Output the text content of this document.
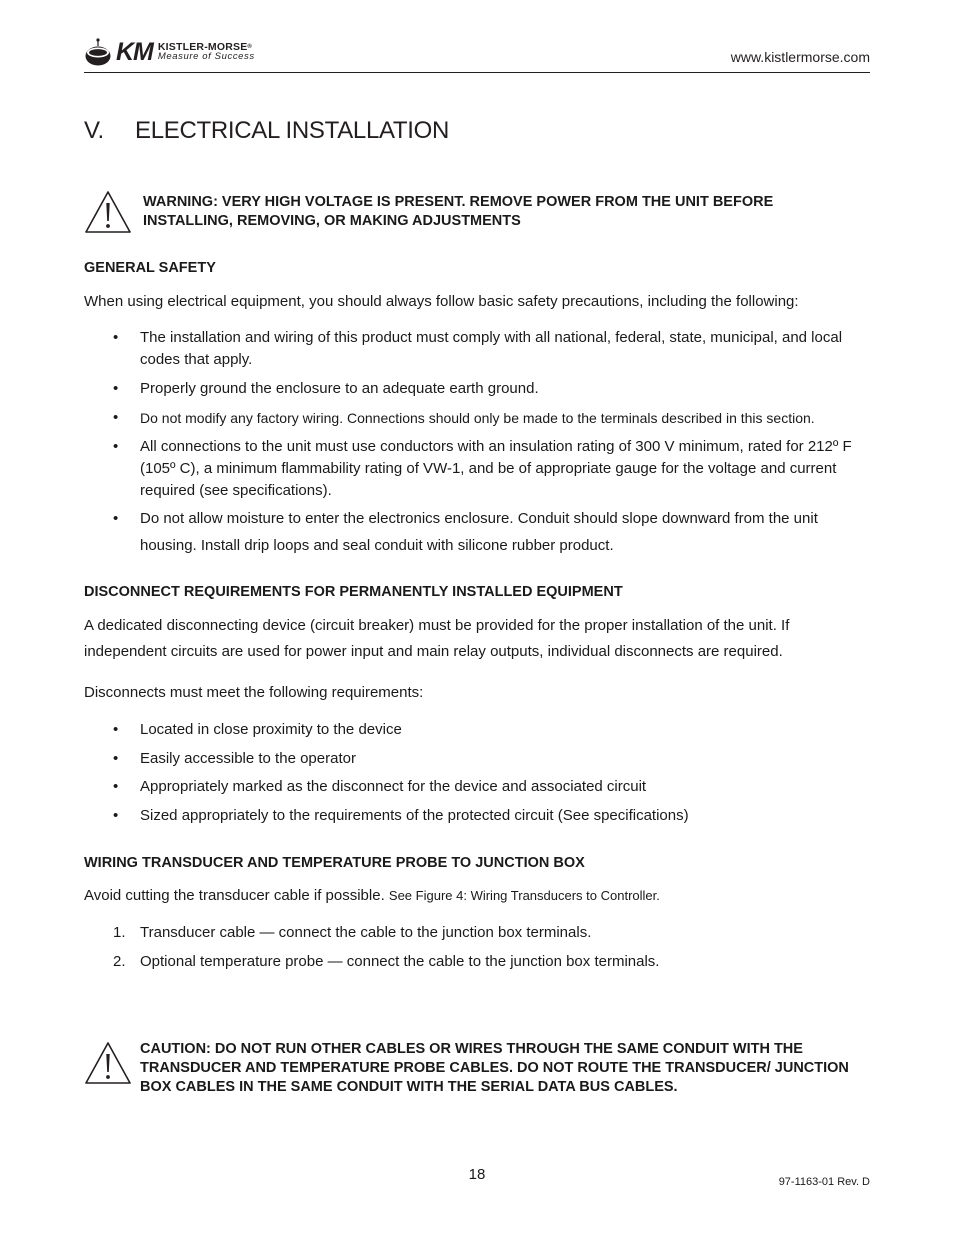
KM KISTLER-MORSE®
Measure of Success	www.kistlermorse.com
V. ELECTRICAL INSTALLATION
WARNING: VERY HIGH VOLTAGE IS PRESENT. REMOVE POWER FROM THE UNIT BEFORE INSTALLING, REMOVING, OR MAKING ADJUSTMENTS
GENERAL SAFETY
When using electrical equipment, you should always follow basic safety precautions, including the following:
•	The installation and wiring of this product must comply with all national, federal, state, municipal, and local codes that apply.
•	Properly ground the enclosure to an adequate earth ground.
•	Do not modify any factory wiring. Connections should only be made to the terminals described in this section.
•	All connections to the unit must use conductors with an insulation rating of 300 V minimum, rated for 212º F (105º C), a minimum flammability rating of VW-1, and be of appropriate gauge for the voltage and current required (see specifications).
•	Do not allow moisture to enter the electronics enclosure. Conduit should slope downward from the unit housing. Install drip loops and seal conduit with silicone rubber product.
DISCONNECT REQUIREMENTS FOR PERMANENTLY INSTALLED EQUIPMENT
A dedicated disconnecting device (circuit breaker) must be provided for the proper installation of the unit. If independent circuits are used for power input and main relay outputs, individual disconnects are required.
Disconnects must meet the following requirements:
•	Located in close proximity to the device
•	Easily accessible to the operator
•	Appropriately marked as the disconnect for the device and associated circuit
•	Sized appropriately to the requirements of the protected circuit (See specifications)
WIRING TRANSDUCER AND TEMPERATURE PROBE TO JUNCTION BOX
Avoid cutting the transducer cable if possible. See Figure 4: Wiring Transducers to Controller.
1. Transducer cable — connect the cable to the junction box terminals.
2. Optional temperature probe — connect the cable to the junction box terminals.
CAUTION: DO NOT RUN OTHER CABLES OR WIRES THROUGH THE SAME CONDUIT WITH THE TRANSDUCER AND TEMPERATURE PROBE CABLES. DO NOT ROUTE THE TRANSDUCER/ JUNCTION BOX CABLES IN THE SAME CONDUIT WITH THE SERIAL DATA BUS CABLES.
18	97-1163-01 Rev. D
